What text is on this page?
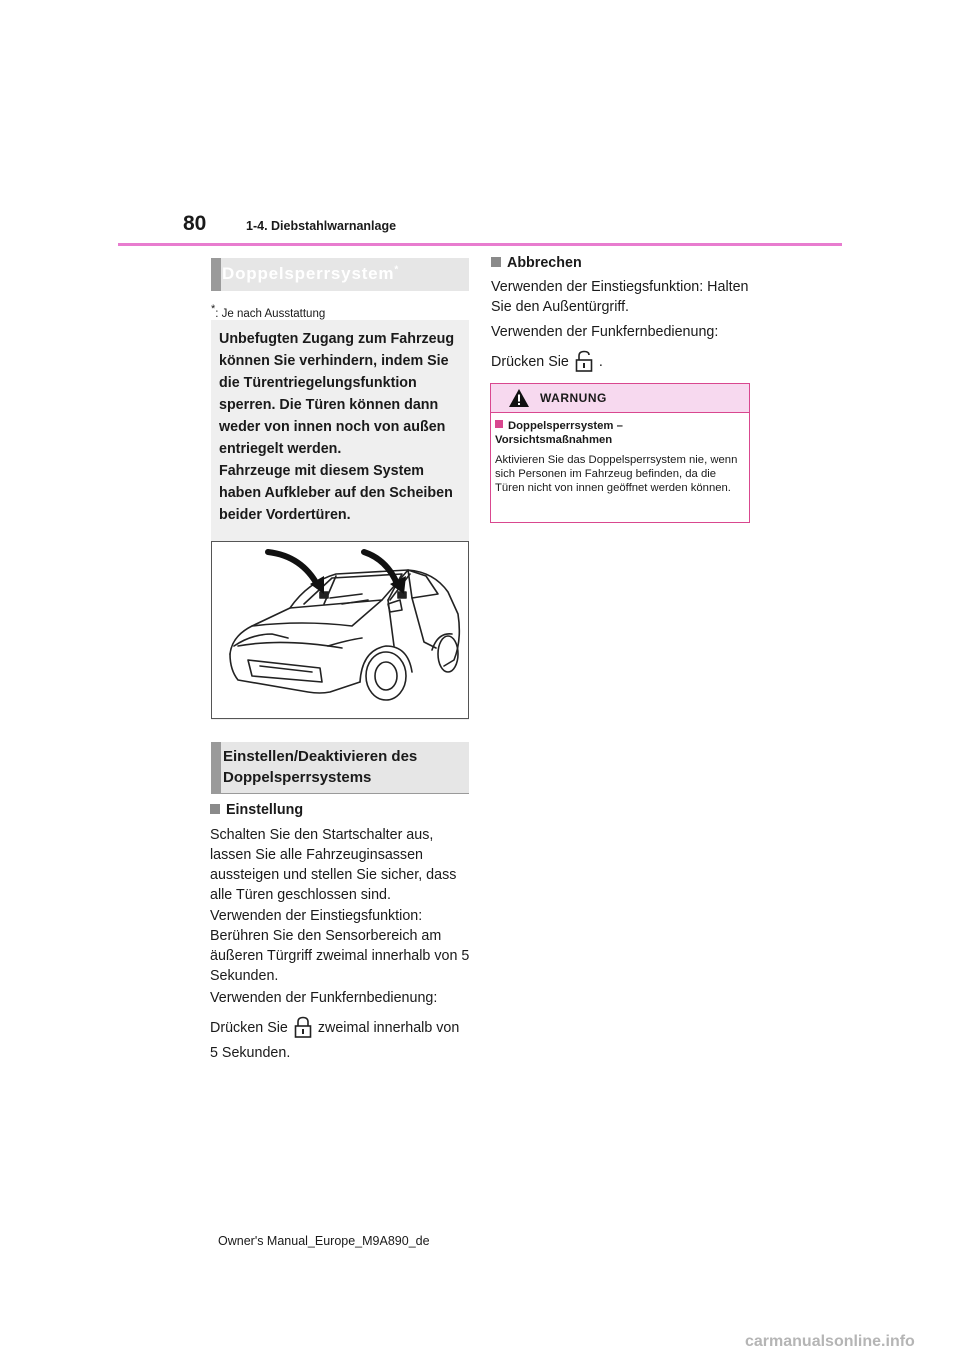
80	1-4. Diebstahlwarnanlage
Doppelsperrsystem*
*: Je nach Ausstattung
Unbefugten Zugang zum Fahrzeug können Sie verhindern, indem Sie die Türentriegelungsfunktion sperren. Die Türen können dann weder von innen noch von außen entriegelt werden.
Fahrzeuge mit diesem System haben Aufkleber auf den Scheiben beider Vordertüren.
Einstellen/Deaktivieren des Doppelsperrsystems
Einstellung
Schalten Sie den Startschalter aus, lassen Sie alle Fahrzeuginsassen aussteigen und stellen Sie sicher, dass alle Türen geschlossen sind.
Verwenden der Einstiegsfunktion: Berühren Sie den Sensorbereich am äußeren Türgriff zweimal innerhalb von 5 Sekunden.
Verwenden der Funkfernbedienung:
Drücken Sie zweimal innerhalb von
5 Sekunden.
Abbrechen
Verwenden der Einstiegsfunktion: Halten Sie den Außentürgriff.
Verwenden der Funkfernbedienung:
Drücken Sie .
WARNUNG
Doppelsperrsystem – Vorsichtsmaßnahmen
Aktivieren Sie das Doppelsperrsystem nie, wenn sich Personen im Fahrzeug befinden, da die Türen nicht von innen geöffnet werden können.
Owner's Manual_Europe_M9A890_de
carmanualsonline.info
